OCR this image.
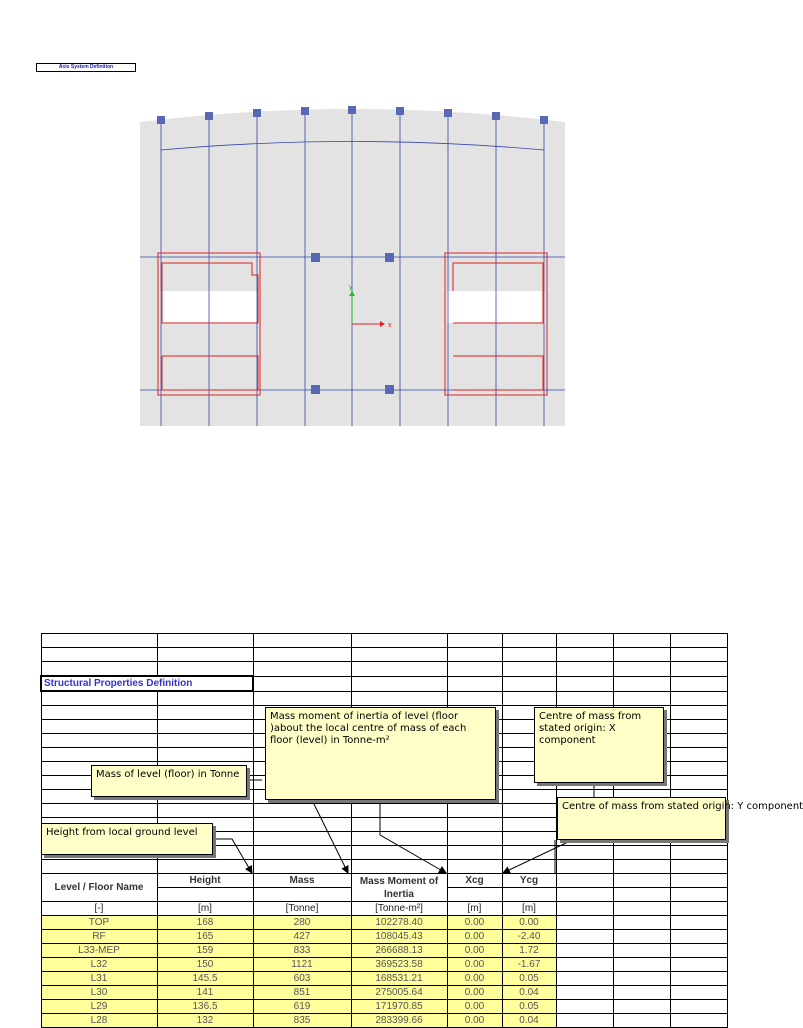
Axis System Definition
x
y

Structural Properties Definition								

Level / Floor Name	Height	Mass	Mass Moment of Inertia	Xcg	Ycg			

[-]	[m]	[Tonne]	[Tonne-m²]	[m]	[m]			
TOP	168	280	102278.40	0.00	0.00			
RF	165	427	108045.43	0.00	-2.40			
L33-MEP	159	833	266688.13	0.00	1.72			
L32	150	1121	369523.58	0.00	-1.67			
L31	145.5	603	168531.21	0.00	0.05			
L30	141	851	275005.64	0.00	0.04			
L29	136.5	619	171970.85	0.00	0.05			
L28	132	835	283399.66	0.00	0.04			
Mass moment of inertia of level (floor )about the local centre of mass of each floor (level) in Tonne-m²
Centre of mass from stated origin: X component
Centre of mass from stated origin: Y component
Mass of level (floor) in Tonne
Height from local ground level
